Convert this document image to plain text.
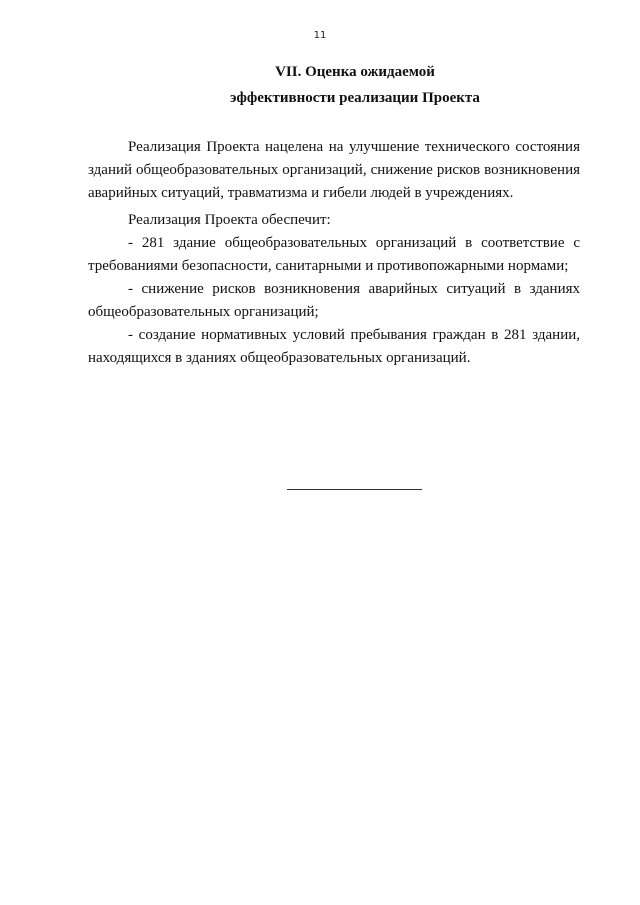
11

VII. Оценка ожидаемой
эффективности реализации Проекта

Реализация Проекта нацелена на улучшение технического состояния зданий общеобразовательных организаций, снижение рисков возникновения аварийных ситуаций, травматизма и гибели людей в учреждениях.

Реализация Проекта обеспечит:

- 281 здание общеобразовательных организаций в соответствие с требованиями безопасности, санитарными и противопожарными нормами;

- снижение рисков возникновения аварийных ситуаций в зданиях общеобразовательных организаций;

- создание нормативных условий пребывания граждан в 281 здании, находящихся в зданиях общеобразовательных организаций.
